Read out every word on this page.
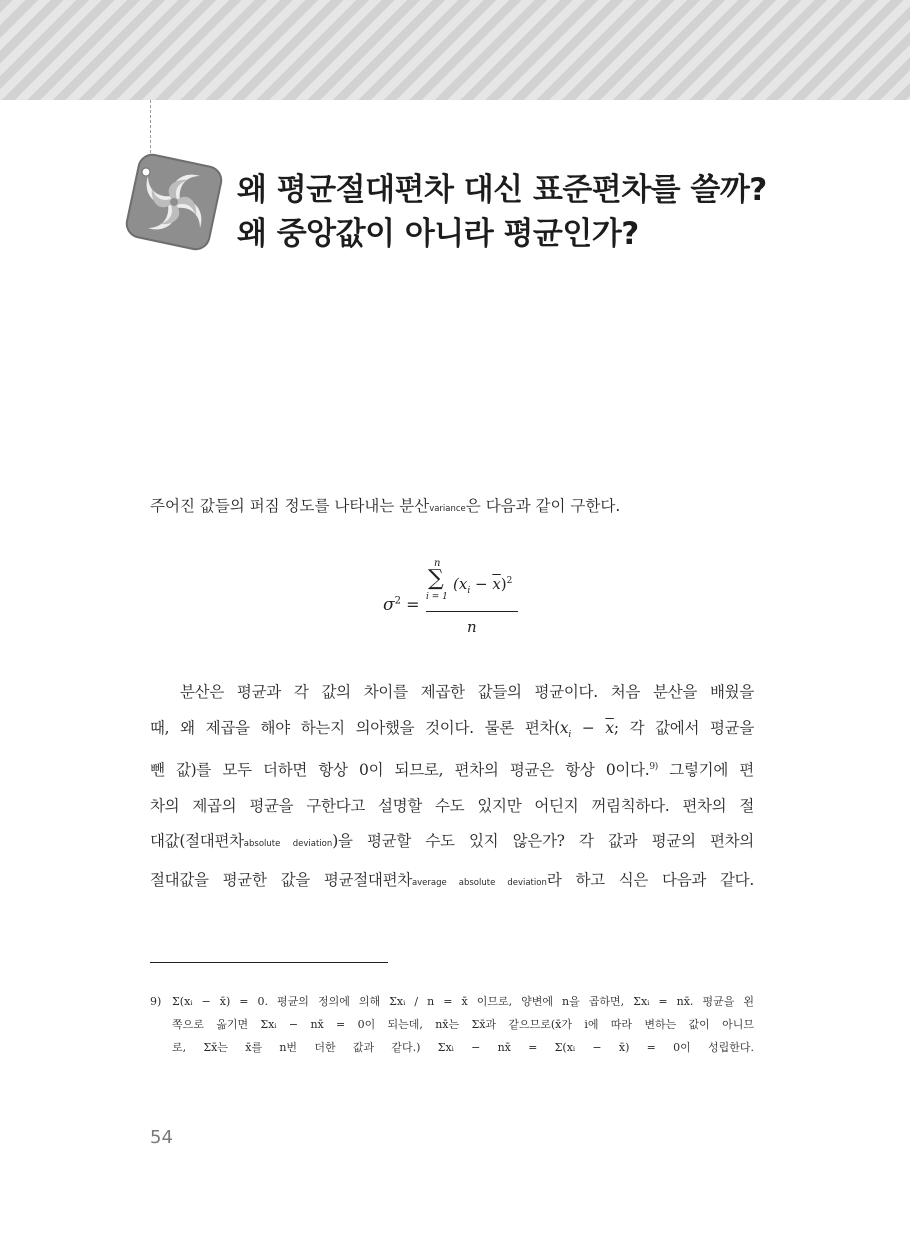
왜 평균절대편차 대신 표준편차를 쓸까?
왜 중앙값이 아니라 평균인가?

주어진 값들의 퍼짐 정도를 나타내는 분산variance은 다음과 같이 구한다.

$\sigma^2$ =
n
∑
i = 1
$(x_i - \overline{x})^2$
n
분산은 평균과 각 값의 차이를 제곱한 값들의 평균이다. 처음 분산을 배웠을
때, 왜 제곱을 해야 하는지 의아했을 것이다. 물론 편차($x_i - \overline{x}$; 각 값에서 평균을
뺀 값)를 모두 더하면 항상 0이 되므로, 편차의 평균은 항상 0이다.$^{9)}$ 그렇기에 편
차의 제곱의 평균을 구한다고 설명할 수도 있지만 어딘지 꺼림칙하다. 편차의 절
대값(절대편차absolute deviation)을 평균할 수도 있지 않은가? 각 값과 평균의 편차의
절대값을 평균한 값을 평균절대편차average absolute deviation라 하고 식은 다음과 같다.
9) Σ(xᵢ − x̄) = 0. 평균의 정의에 의해 Σxᵢ / n = x̄ 이므로, 양변에 n을 곱하면, Σxᵢ = nx̄. 평균을 왼
쪽으로 옮기면 Σxᵢ − nx̄ = 0이 되는데, nx̄는 Σx̄과 같으므로(x̄가 i에 따라 변하는 값이 아니므
로, Σx̄는 x̄를 n번 더한 값과 같다.) Σxᵢ − nx̄ = Σ(xᵢ − x̄) = 0이 성립한다.

54
